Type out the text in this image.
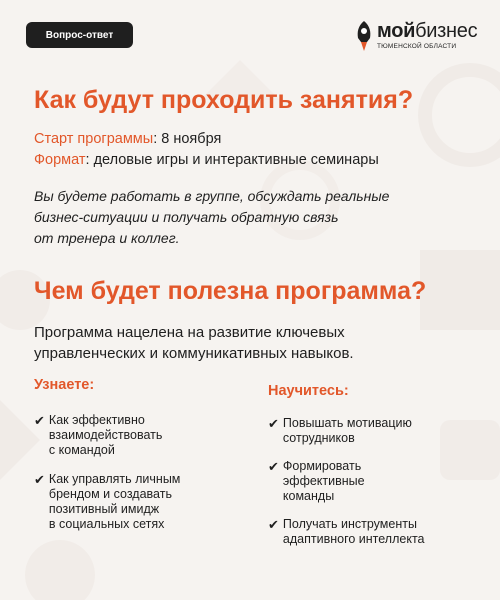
Вопрос-ответ	мойбизнес
ТЮМЕНСКОЙ ОБЛАСТИ
Как будут проходить занятия?
Старт программы: 8 ноября
Формат: деловые игры и интерактивные семинары
Вы будете работать в группе, обсуждать реальные
бизнес-ситуации и получать обратную связь
от тренера и коллег.
Чем будет полезна программа?
Программа нацелена на развитие ключевых
управленческих и коммуникативных навыков.
Узнаете:	Научитесь:
✔ Как эффективно
взаимодействовать
с командой
✔ Как управлять личным
брендом и создавать
позитивный имидж
в социальных сетях
✔ Повышать мотивацию
сотрудников
✔ Формировать
эффективные
команды
✔ Получать инструменты
адаптивного интеллекта
